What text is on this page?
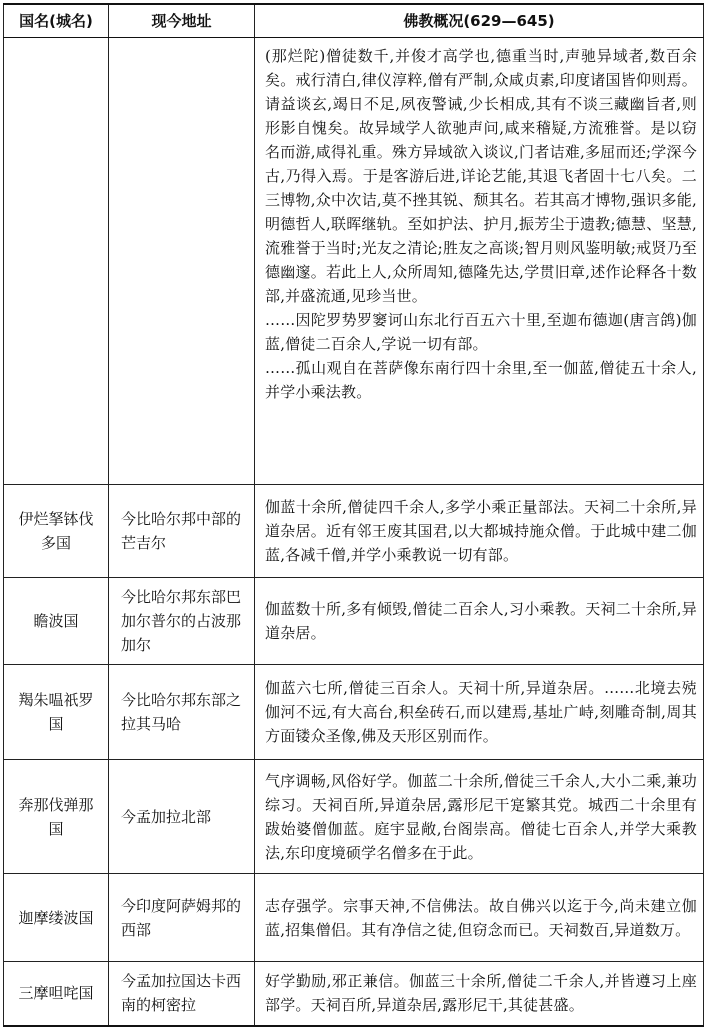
国名(城名)	现今地址	佛教概况(629—645)

		(那烂陀)僧徒数千,并俊才高学也,德重当时,声驰异域者,数百余矣。戒行清白,律仪淳粹,僧有严制,众咸贞素,印度诸国皆仰则焉。请益谈玄,竭日不足,夙夜警诫,少长相成,其有不谈三藏幽旨者,则形影自愧矣。故异域学人欲驰声问,咸来稽疑,方流雅誉。是以窃名而游,咸得礼重。殊方异域欲入谈议,门者诘难,多屈而还;学深今古,乃得入焉。于是客游后进,详论艺能,其退飞者固十七八矣。二三博物,众中次诘,莫不挫其锐、颓其名。若其高才博物,强识多能,明德哲人,联晖继轨。至如护法、护月,振芳尘于遗教;德慧、坚慧,流雅誉于当时;光友之清论;胜友之高谈;智月则风鉴明敏;戒贤乃至德幽邃。若此上人,众所周知,德隆先达,学贯旧章,述作论释各十数部,并盛流通,见珍当世。

……因陀罗势罗窭诃山东北行百五六十里,至迦布德迦(唐言鸽)伽蓝,僧徒二百余人,学说一切有部。

……孤山观自在菩萨像东南行四十余里,至一伽蓝,僧徒五十余人,并学小乘法教。

伊烂拏钵伐多国	今比哈尔邦中部的芒吉尔	伽蓝十余所,僧徒四千余人,多学小乘正量部法。天祠二十余所,异道杂居。近有邻王废其国君,以大都城持施众僧。于此城中建二伽蓝,各减千僧,并学小乘教说一切有部。

瞻波国	今比哈尔邦东部巴加尔普尔的占波那加尔	伽蓝数十所,多有倾毁,僧徒二百余人,习小乘教。天祠二十余所,异道杂居。

羯朱嗢祇罗国	今比哈尔邦东部之拉其马哈	伽蓝六七所,僧徒三百余人。天祠十所,异道杂居。……北境去殑伽河不远,有大高台,积垒砖石,而以建焉,基址广峙,刻雕奇制,周其方面镂众圣像,佛及天形区别而作。

奔那伐弹那国	今孟加拉北部	气序调畅,风俗好学。伽蓝二十余所,僧徒三千余人,大小二乘,兼功综习。天祠百所,异道杂居,露形尼干寔繁其党。城西二十余里有跋始婆僧伽蓝。庭宇显敞,台阁崇高。僧徒七百余人,并学大乘教法,东印度境硕学名僧多在于此。

迦摩缕波国	今印度阿萨姆邦的西部	志存强学。宗事天神,不信佛法。故自佛兴以迄于今,尚未建立伽蓝,招集僧侣。其有净信之徒,但窃念而已。天祠数百,异道数万。

三摩呾咤国	今孟加拉国达卡西南的柯密拉	好学勤励,邪正兼信。伽蓝三十余所,僧徒二千余人,并皆遵习上座部学。天祠百所,异道杂居,露形尼干,其徒甚盛。
